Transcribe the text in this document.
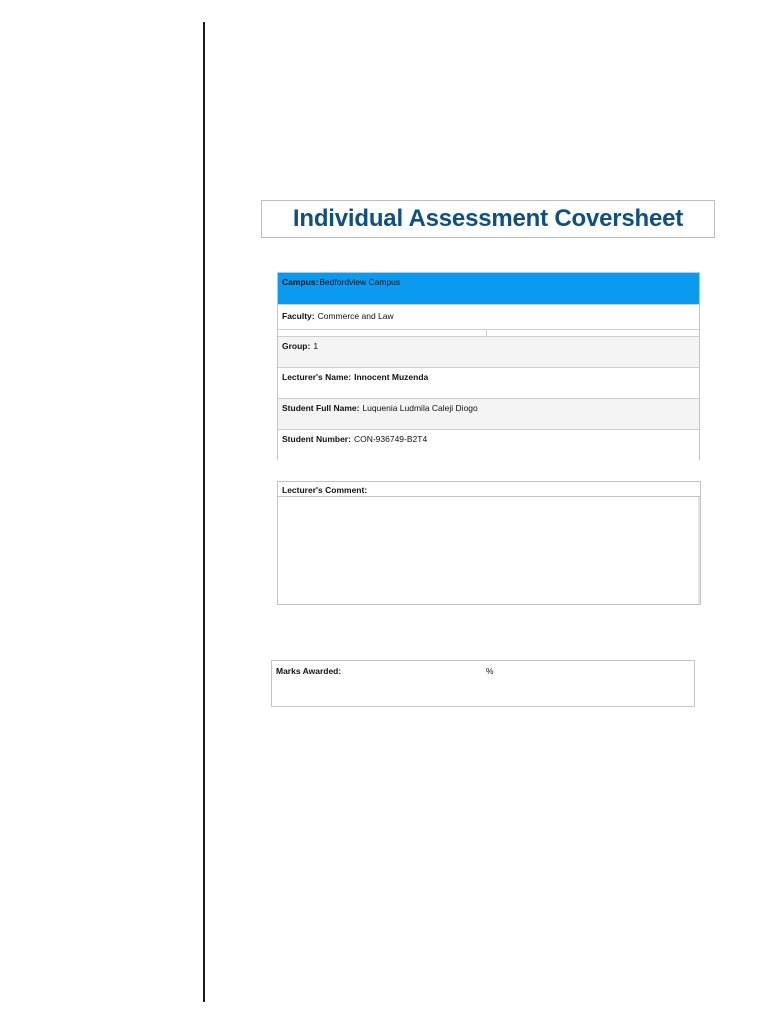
Individual Assessment Coversheet
Campus:Bedfordview Campus
Faculty: Commerce and Law
Group: 1
Lecturer's Name: Innocent Muzenda
Student Full Name: Luquenia Ludmila Caleji Diogo
Student Number: CON-936749-B2T4
Lecturer's Comment:
Marks Awarded:	%
